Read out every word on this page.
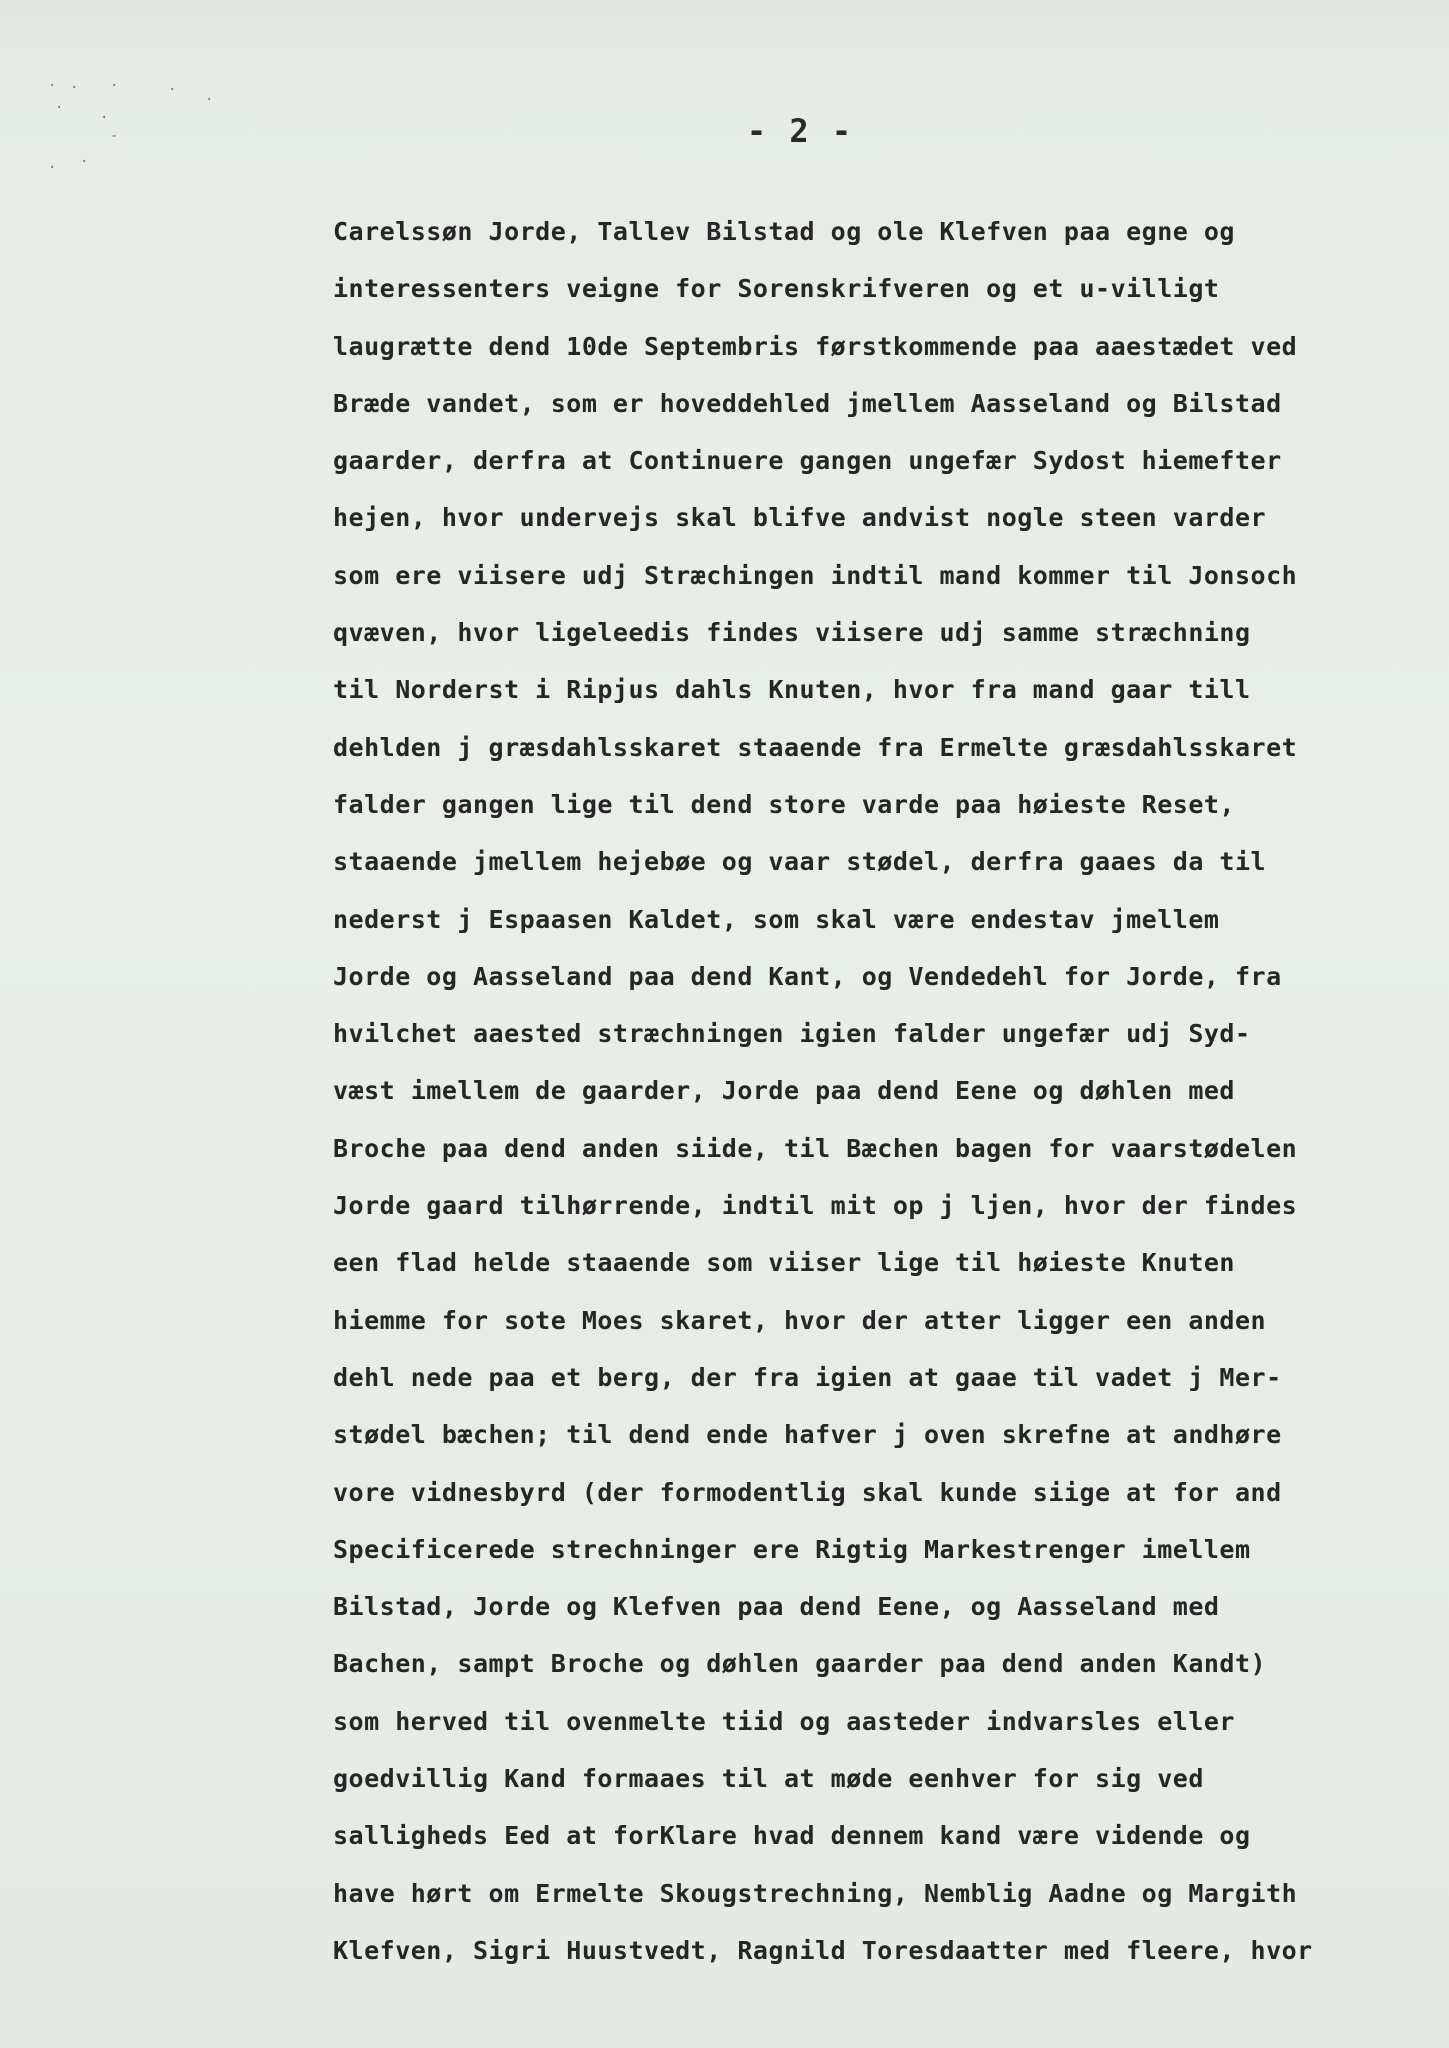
· · ·	·
·
·
·
-
· ·
- 2 -
Carelssøn Jorde, Tallev Bilstad og ole Klefven paa egne og
interessenters veigne for Sorenskrifveren og et u-villigt
laugrætte dend 10de Septembris førstkommende paa aaestædet ved
Bræde vandet, som er hoveddehled jmellem Aasseland og Bilstad
gaarder, derfra at Continuere gangen ungefær Sydost hiemefter
hejen, hvor undervejs skal blifve andvist nogle steen varder
som ere viisere udj Stræchingen indtil mand kommer til Jonsoch
qvæven, hvor ligeleedis findes viisere udj samme stræchning
til Norderst i Ripjus dahls Knuten, hvor fra mand gaar till
dehlden j græsdahlsskaret staaende fra Ermelte græsdahlsskaret
falder gangen lige til dend store varde paa høieste Reset,
staaende jmellem hejebøe og vaar stødel, derfra gaaes da til
nederst j Espaasen Kaldet, som skal være endestav jmellem
Jorde og Aasseland paa dend Kant, og Vendedehl for Jorde, fra
hvilchet aaested stræchningen igien falder ungefær udj Syd-
væst imellem de gaarder, Jorde paa dend Eene og døhlen med
Broche paa dend anden siide, til Bæchen bagen for vaarstødelen
Jorde gaard tilhørrende, indtil mit op j ljen, hvor der findes
een flad helde staaende som viiser lige til høieste Knuten
hiemme for sote Moes skaret, hvor der atter ligger een anden
dehl nede paa et berg, der fra igien at gaae til vadet j Mer-
stødel bæchen; til dend ende hafver j oven skrefne at andhøre
vore vidnesbyrd (der formodentlig skal kunde siige at for and
Specificerede strechninger ere Rigtig Markestrenger imellem
Bilstad, Jorde og Klefven paa dend Eene, og Aasseland med
Bachen, sampt Broche og døhlen gaarder paa dend anden Kandt)
som herved til ovenmelte tiid og aasteder indvarsles eller
goedvillig Kand formaaes til at møde eenhver for sig ved
salligheds Eed at forKlare hvad dennem kand være vidende og
have hørt om Ermelte Skougstrechning, Nemblig Aadne og Margith
Klefven, Sigri Huustvedt, Ragnild Toresdaatter med fleere, hvor
